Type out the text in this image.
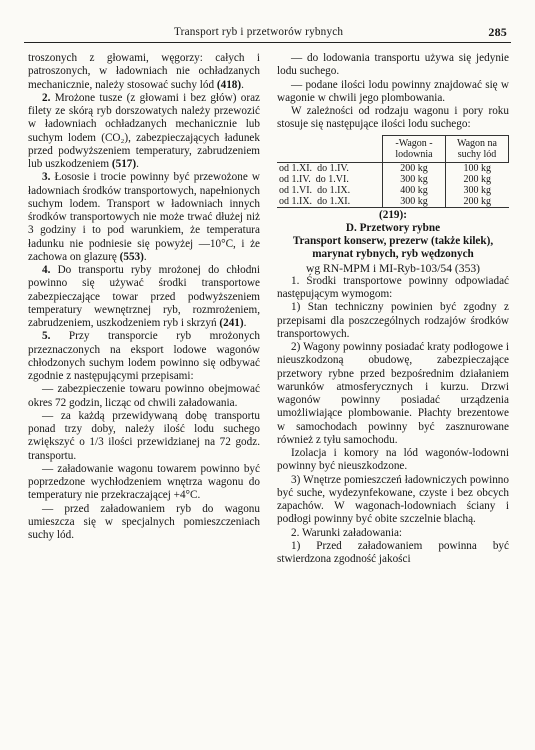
Transport ryb i przetworów rybnych	285

troszonych z głowami, węgorzy: całych i patroszonych, w ładowniach nie ochładzanych mechanicznie, należy stosować suchy lód (418).

2. Mrożone tusze (z głowami i bez głów) oraz filety ze skórą ryb dorszowatych należy przewozić w ładowniach ochładzanych mechanicznie lub suchym lodem (CO₂), zabezpieczających ładunek przed podwyższeniem temperatury, zabrudzeniem lub uszkodzeniem (517).

3. Łososie i trocie powinny być przewożone w ładowniach środków transportowych, napełnionych suchym lodem. Transport w ładowniach innych środków transportowych nie może trwać dłużej niż 3 godziny i to pod warunkiem, że temperatura ładunku nie podniesie się powyżej —10°C, i że zachowa on glazurę (553).

4. Do transportu ryby mrożonej do chłodni powinno się używać środki transportowe zabezpieczające towar przed podwyższeniem temperatury wewnętrznej ryb, rozmrożeniem, zabrudzeniem, uszkodzeniem ryb i skrzyń (241).

5. Przy transporcie ryb mrożonych przeznaczonych na eksport lodowe wagonów chłodzonych suchym lodem powinno się odbywać zgodnie z następującymi przepisami:

— zabezpieczenie towaru powinno obejmować okres 72 godzin, licząc od chwili załadowania.

— za każdą przewidywaną dobę transportu ponad trzy doby, należy ilość lodu suchego zwiększyć o 1/3 ilości przewidzianej na 72 godz. transportu.

— załadowanie wagonu towarem powinno być poprzedzone wychłodzeniem wnętrza wagonu do temperatury nie przekraczającej +4°C.

— przed załadowaniem ryb do wagonu umieszcza się w specjalnych pomieszczeniach suchy lód.

— do lodowania transportu używa się jedynie lodu suchego.

— podane ilości lodu powinny znajdować się w wagonie w chwili jego plombowania.

W zależności od rodzaju wagonu i pory roku stosuje się następujące ilości lodu suchego:

	-Wagon -lodownia	Wagon na suchy lód
od 1.XI. do 1.IV.	200 kg	100 kg
od 1.IV. do 1.VI.	300 kg	200 kg
od 1.VI. do 1.IX.	400 kg	300 kg
od 1.IX. do 1.XI.	300 kg	200 kg

(219):

D. Przetwory rybne

Transport konserw, prezerw (także kilek), marynat rybnych, ryb wędzonych

wg RN-MPM i MI-Ryb-103/54 (353)

1. Środki transportowe powinny odpowiadać następującym wymogom:

1) Stan techniczny powinien być zgodny z przepisami dla poszczególnych rodzajów środków transportowych.

2) Wagony powinny posiadać kraty podłogowe i nieuszkodzoną obudowę, zabezpieczające przetwory rybne przed bezpośrednim działaniem warunków atmosferycznych i kurzu. Drzwi wagonów powinny posiadać urządzenia umożliwiające plombowanie. Płachty brezentowe w samochodach powinny być zasznurowane również z tyłu samochodu.

Izolacja i komory na lód wagonów-lodowni powinny być nieuszkodzone.

3) Wnętrze pomieszczeń ładowniczych powinno być suche, wydezynfekowane, czyste i bez obcych zapachów. W wagonach-lodowniach ściany i podłogi powinny być obite szczelnie blachą.

2. Warunki załadowania:

1) Przed załadowaniem powinna być stwierdzona zgodność jakości
